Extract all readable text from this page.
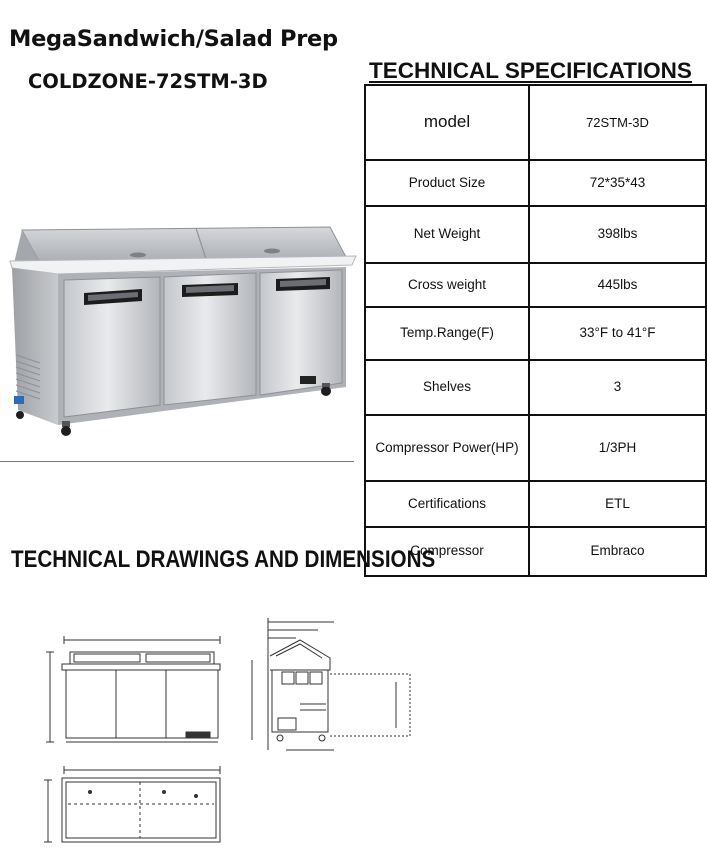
MegaSandwich/Salad Prep
COLDZONE-72STM-3D	TECHNICAL SPECIFICATIONS
model	72STM-3D
Product Size	72*35*43
Net Weight	398lbs
Cross weight	445lbs
Temp.Range(F)	33°F to 41°F
Shelves	3
Compressor Power(HP)	1/3PH
Certifications	ETL
Compressor	Embraco
TECHNICAL DRAWINGS AND DIMENSIONS
